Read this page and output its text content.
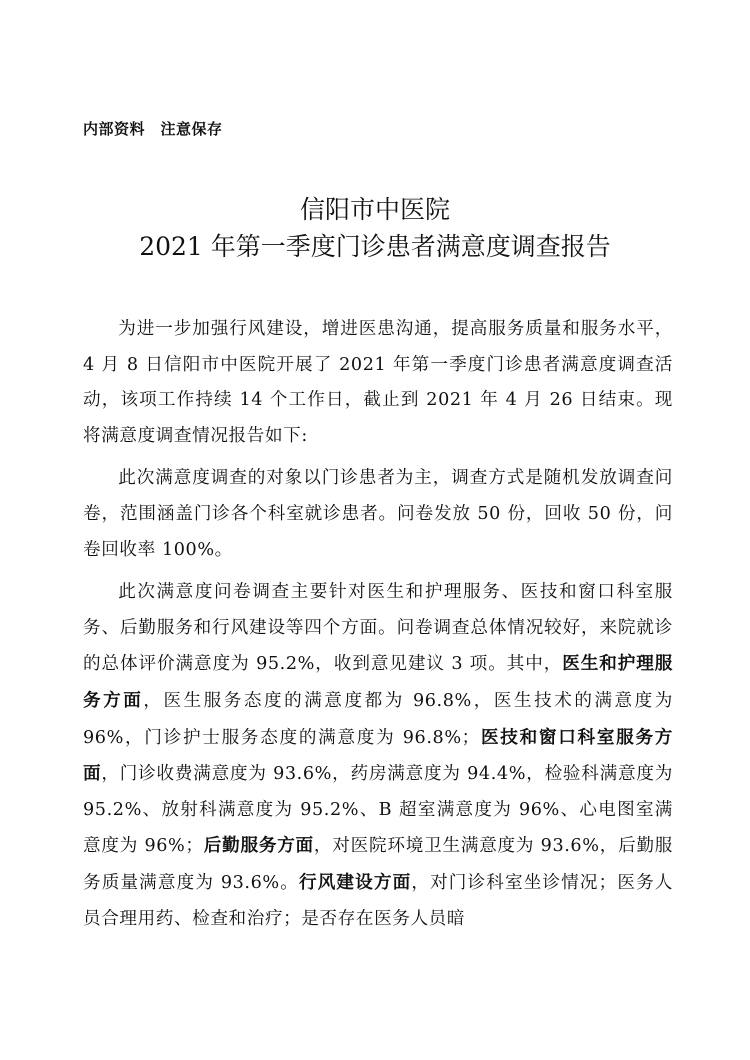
内部资料　注意保存
信阳市中医院
2021 年第一季度门诊患者满意度调查报告

为进一步加强行风建设，增进医患沟通，提高服务质量和服务水平，4 月 8 日信阳市中医院开展了 2021 年第一季度门诊患者满意度调查活动，该项工作持续 14 个工作日，截止到 2021 年 4 月 26 日结束。现将满意度调查情况报告如下:

此次满意度调查的对象以门诊患者为主，调查方式是随机发放调查问卷，范围涵盖门诊各个科室就诊患者。问卷发放 50 份，回收 50 份，问卷回收率 100%。

此次满意度问卷调查主要针对医生和护理服务、医技和窗口科室服务、后勤服务和行风建设等四个方面。问卷调查总体情况较好，来院就诊的总体评价满意度为 95.2%，收到意见建议 3 项。其中，医生和护理服务方面，医生服务态度的满意度都为 96.8%，医生技术的满意度为 96%，门诊护士服务态度的满意度为 96.8%；医技和窗口科室服务方面，门诊收费满意度为 93.6%，药房满意度为 94.4%，检验科满意度为 95.2%、放射科满意度为 95.2%、B 超室满意度为 96%、心电图室满意度为 96%；后勤服务方面，对医院环境卫生满意度为 93.6%，后勤服务质量满意度为 93.6%。行风建设方面，对门诊科室坐诊情况；医务人员合理用药、检查和治疗；是否存在医务人员暗
